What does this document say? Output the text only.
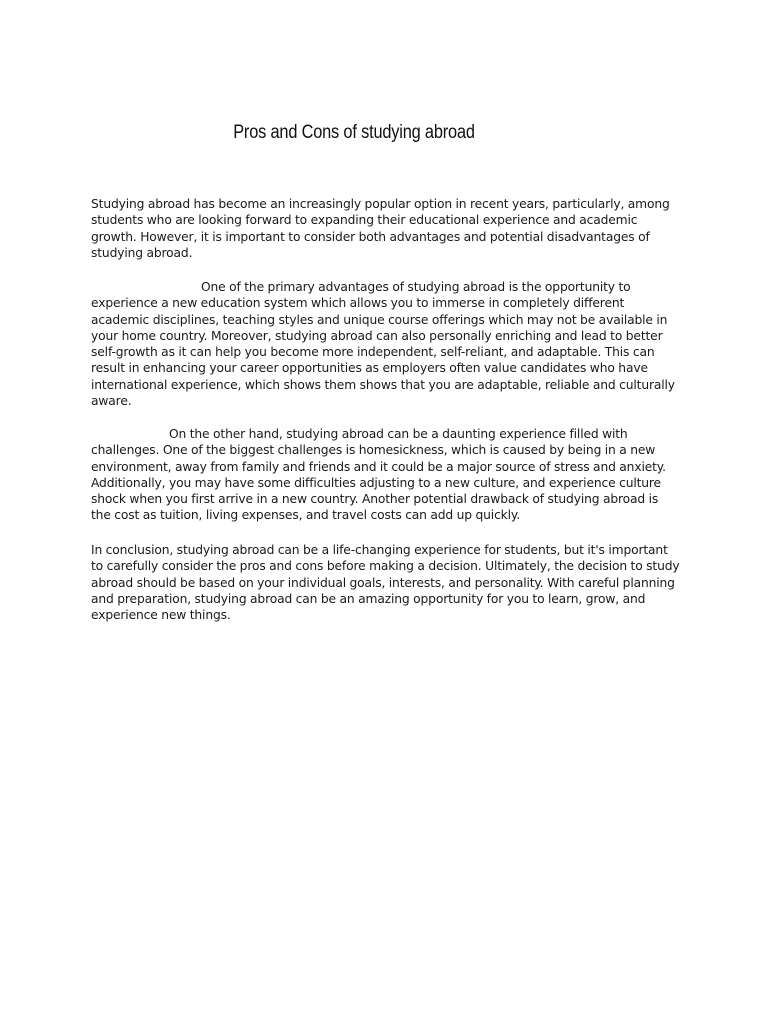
Pros and Cons of studying abroad

Studying abroad has become an increasingly popular option in recent years, particularly, among students who are looking forward to expanding their educational experience and academic growth. However, it is important to consider both advantages and potential disadvantages of studying abroad.

One of the primary advantages of studying abroad is the opportunity to experience a new education system which allows you to immerse in completely different academic disciplines, teaching styles and unique course offerings which may not be available in your home country. Moreover, studying abroad can also personally enriching and lead to better self-growth as it can help you become more independent, self-reliant, and adaptable. This can result in enhancing your career opportunities as employers often value candidates who have international experience, which shows them shows that you are adaptable, reliable and culturally aware.

On the other hand, studying abroad can be a daunting experience filled with challenges. One of the biggest challenges is homesickness, which is caused by being in a new environment, away from family and friends and it could be a major source of stress and anxiety. Additionally, you may have some difficulties adjusting to a new culture, and experience culture shock when you first arrive in a new country. Another potential drawback of studying abroad is the cost as tuition, living expenses, and travel costs can add up quickly.

In conclusion, studying abroad can be a life-changing experience for students, but it's important to carefully consider the pros and cons before making a decision. Ultimately, the decision to study abroad should be based on your individual goals, interests, and personality. With careful planning and preparation, studying abroad can be an amazing opportunity for you to learn, grow, and experience new things.
